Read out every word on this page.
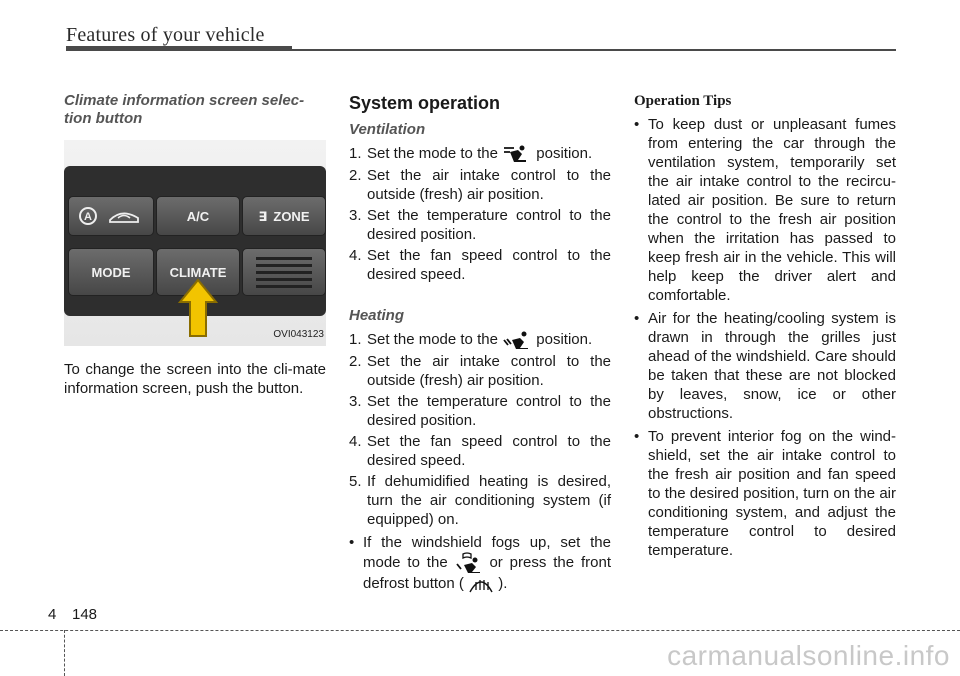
Features of your vehicle
Climate information screen selec-
tion button
A	A/C	∃ ZONE
MODE	CLIMATE
OVI043123

To change the screen into the cli-mate information screen, push the button.

System operation
Ventilation
1. Set the mode to the	position.
2. Set the air intake control to the outside (fresh) air position.
3. Set the temperature control to the desired position.
4. Set the fan speed control to the desired speed.
Heating
1. Set the mode to the	position.
2. Set the air intake control to the outside (fresh) air position.
3. Set the temperature control to the desired position.
4. Set the fan speed control to the desired speed.
5. If dehumidified heating is desired, turn the air conditioning system (if equipped) on.
• If the windshield fogs up, set the mode to the	or press the front defrost button ( ).
Operation Tips
• To keep dust or unpleasant fumes from entering the car through the ventilation system, temporarily set the air intake control to the recircu-lated air position. Be sure to return the control to the fresh air position when the irritation has passed to keep fresh air in the vehicle. This will help keep the driver alert and comfortable.
• Air for the heating/cooling system is drawn in through the grilles just ahead of the windshield. Care should be taken that these are not blocked by leaves, snow, ice or other obstructions.
• To prevent interior fog on the wind-shield, set the air intake control to the fresh air position and fan speed to the desired position, turn on the air conditioning system, and adjust the temperature control to desired temperature.
4 148
carmanualsonline.info
